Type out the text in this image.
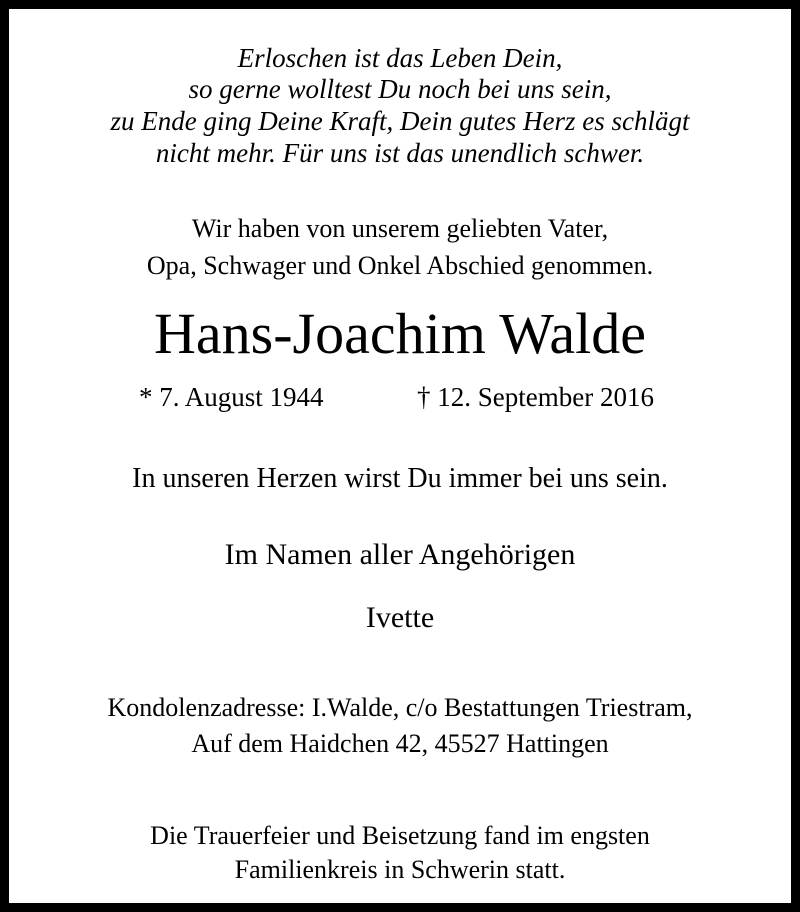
Erloschen ist das Leben Dein,
so gerne wolltest Du noch bei uns sein,
zu Ende ging Deine Kraft, Dein gutes Herz es schlägt
nicht mehr. Für uns ist das unendlich schwer.
Wir haben von unserem geliebten Vater,
Opa, Schwager und Onkel Abschied genommen.
Hans-Joachim Walde
* 7. August 1944	† 12. September 2016
In unseren Herzen wirst Du immer bei uns sein.
Im Namen aller Angehörigen
Ivette
Kondolenzadresse: I.Walde, c/o Bestattungen Triestram,
Auf dem Haidchen 42, 45527 Hattingen
Die Trauerfeier und Beisetzung fand im engsten
Familienkreis in Schwerin statt.
